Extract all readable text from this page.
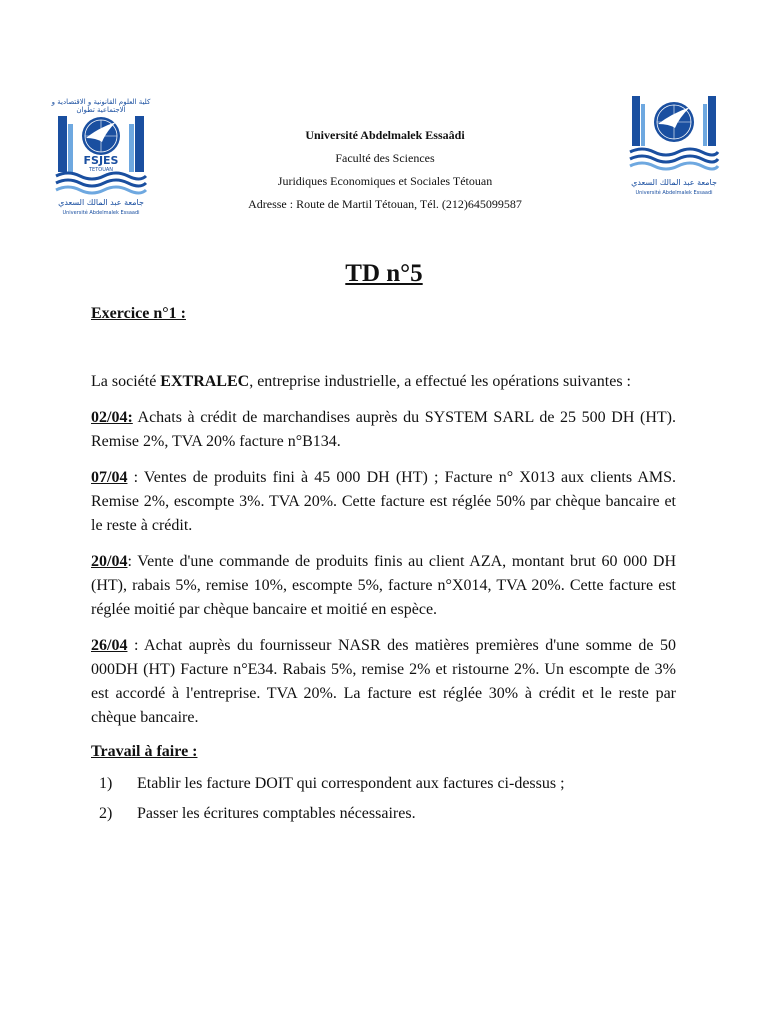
كلية العلوم القانونية و الاقتصادية و الاجتماعية تطوان
FSJES
TETOUAN
جامعة عبد المالك السعدي
Université Abdelmalek Essaadi
Université Abdelmalek Essaâdi
Faculté des Sciences
Juridiques Economiques et Sociales Tétouan
Adresse : Route de Martil Tétouan, Tél. (212)645099587
جامعة عبد المالك السعدي
Université Abdelmalek Essaadi
TD n°5

Exercice n°1 :

La société EXTRALEC, entreprise industrielle, a effectué les opérations suivantes :

02/04: Achats à crédit de marchandises auprès du SYSTEM SARL de 25 500 DH (HT). Remise 2%, TVA 20% facture n°B134.

07/04 : Ventes de produits fini à 45 000 DH (HT) ; Facture n° X013 aux clients AMS. Remise 2%, escompte 3%. TVA 20%. Cette facture est réglée 50% par chèque bancaire et le reste à crédit.

20/04: Vente d'une commande de produits finis au client AZA, montant brut 60 000 DH (HT), rabais 5%, remise 10%, escompte 5%, facture n°X014, TVA 20%. Cette facture est réglée moitié par chèque bancaire et moitié en espèce.

26/04 : Achat auprès du fournisseur NASR des matières premières d'une somme de 50 000DH (HT) Facture n°E34. Rabais 5%, remise 2% et ristourne 2%. Un escompte de 3% est accordé à l'entreprise. TVA 20%. La facture est réglée 30% à crédit et le reste par chèque bancaire.

Travail à faire :

1)	Etablir les facture DOIT qui correspondent aux factures ci-dessus ;
2)	Passer les écritures comptables nécessaires.
